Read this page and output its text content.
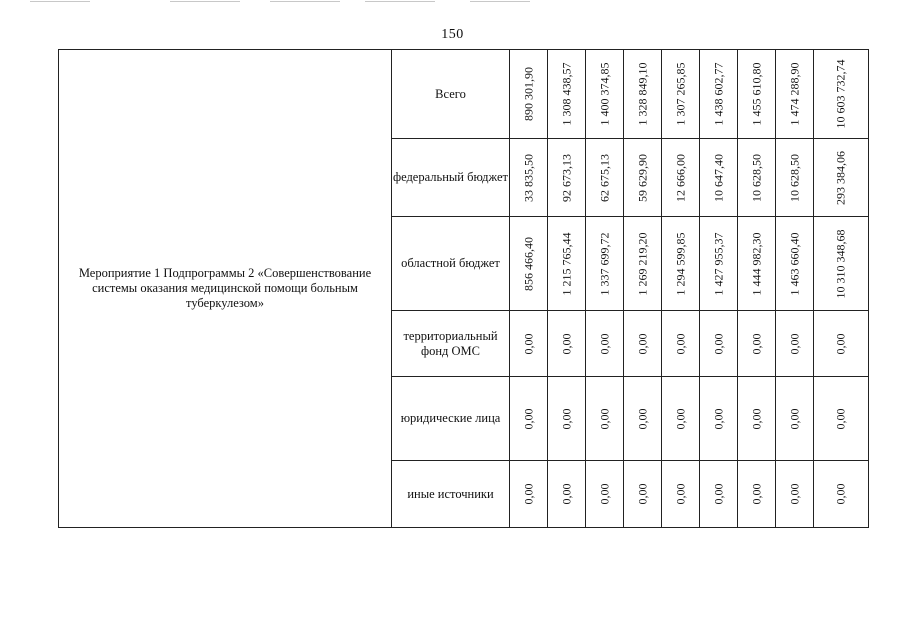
150
Мероприятие 1 Подпрограммы 2 «Совершенствование системы оказания медицинской помощи больным туберкулезом»	Всего	890 301,90	1 308 438,57	1 400 374,85	1 328 849,10	1 307 265,85	1 438 602,77	1 455 610,80	1 474 288,90	10 603 732,74

	федеральный бюджет	33 835,50	92 673,13	62 675,13	59 629,90	12 666,00	10 647,40	10 628,50	10 628,50	293 384,06

	областной бюджет	856 466,40	1 215 765,44	1 337 699,72	1 269 219,20	1 294 599,85	1 427 955,37	1 444 982,30	1 463 660,40	10 310 348,68

	территориальный фонд ОМС	0,00	0,00	0,00	0,00	0,00	0,00	0,00	0,00	0,00

	юридические лица	0,00	0,00	0,00	0,00	0,00	0,00	0,00	0,00	0,00

	иные источники	0,00	0,00	0,00	0,00	0,00	0,00	0,00	0,00	0,00
